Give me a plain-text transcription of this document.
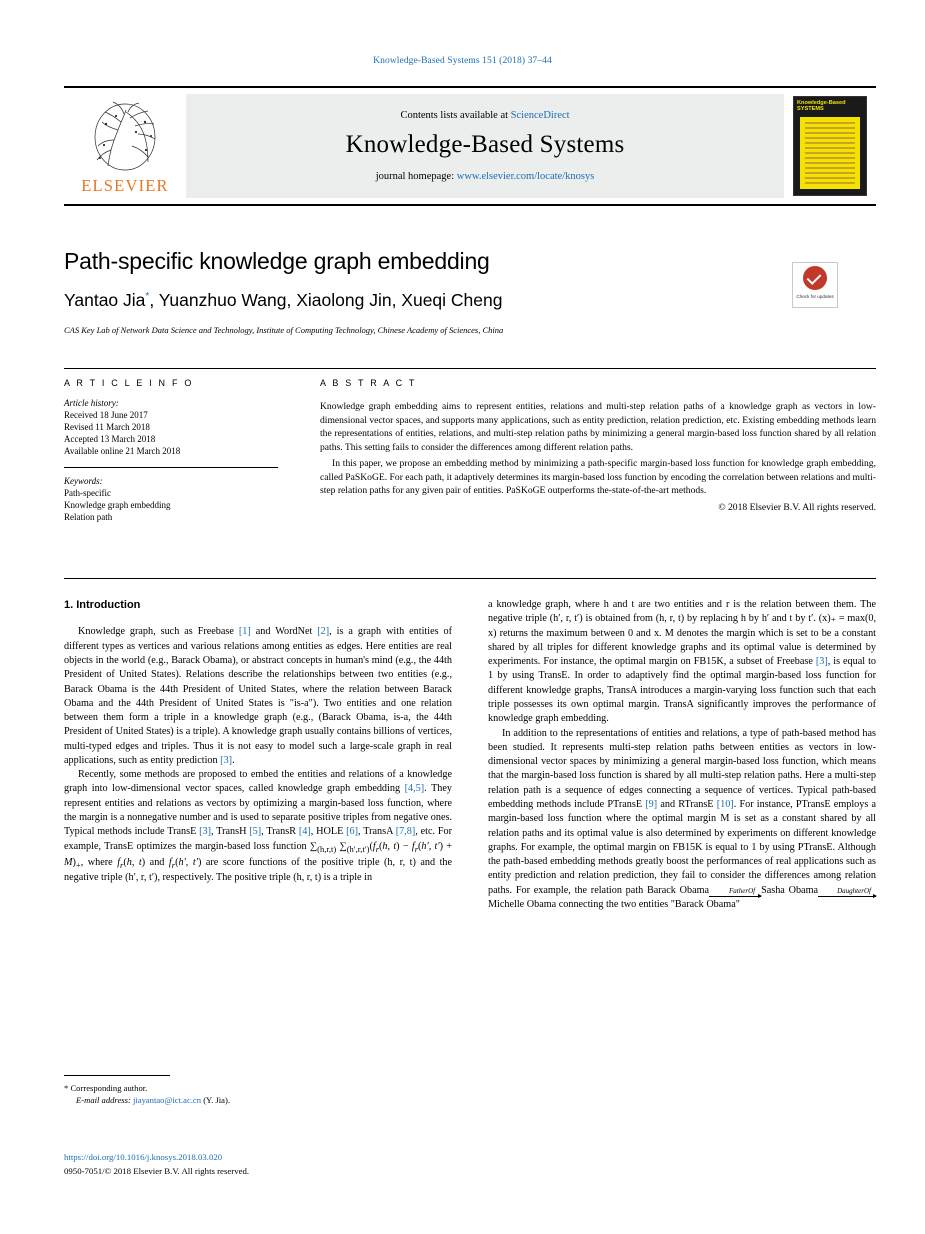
Knowledge-Based Systems 151 (2018) 37–44
ELSEVIER
Contents lists available at ScienceDirect
Knowledge-Based Systems
journal homepage: www.elsevier.com/locate/knosys
Knowledge-Based SYSTEMS
Path-specific knowledge graph embedding
Yantao Jia*, Yuanzhuo Wang, Xiaolong Jin, Xueqi Cheng
CAS Key Lab of Network Data Science and Technology, Institute of Computing Technology, Chinese Academy of Sciences, China
Check for updates
A R T I C L E I N F O
Article history:
Received 18 June 2017
Revised 11 March 2018
Accepted 13 March 2018
Available online 21 March 2018
Keywords:
Path-specific
Knowledge graph embedding
Relation path
A B S T R A C T

Knowledge graph embedding aims to represent entities, relations and multi-step relation paths of a knowledge graph as vectors in low-dimensional vector spaces, and supports many applications, such as entity prediction, relation prediction, etc. Existing embedding methods learn the representations of entities, relations, and multi-step relation paths by minimizing a general margin-based loss function shared by all relation paths. This setting fails to consider the differences among different relation paths.

In this paper, we propose an embedding method by minimizing a path-specific margin-based loss function for knowledge graph embedding, called PaSKoGE. For each path, it adaptively determines its margin-based loss function by encoding the correlation between relations and multi-step relation paths for any given pair of entities. PaSKoGE outperforms the-state-of-the-art methods.

© 2018 Elsevier B.V. All rights reserved.
1. Introduction

Knowledge graph, such as Freebase [1] and WordNet [2], is a graph with entities of different types as vertices and various relations among entities as edges. Here entities are real objects in the world (e.g., Barack Obama), or abstract concepts in human's mind (e.g., the 44th President of United States). Relations describe the relationships between two entities (e.g., Barack Obama is the 44th President of United States, where the relation between Barack Obama and the 44th President of United States is "is-a"). Two entities and one relation between them form a triple in a knowledge graph (e.g., (Barack Obama, is-a, the 44th President of United States) is a triple). A knowledge graph usually contains billions of vertices, multi-typed edges and triples. Thus it is not easy to model such a large-scale graph in real applications, such as entity prediction [3].

Recently, some methods are proposed to embed the entities and relations of a knowledge graph into low-dimensional vector spaces, called knowledge graph embedding [4,5]. They represent entities and relations as vectors by optimizing a margin-based loss function, where the margin is a nonnegative number and is used to separate positive triples from negative ones. Typical methods include TransE [3], TransH [5], TransR [4], HOLE [6], TransA [7,8], etc. For example, TransE optimizes the margin-based loss function $\sum_{(h,r,t)}$ $\sum_{(h',r,t')}(f_r(h$, $t) - f_r(h'$, $t') + M)_+$, where $f_r(h$, t) and $f_r(h'$, t′) are score functions of the positive triple (h, r, t) and the negative triple (h′, r, t′), respectively. The positive triple (h, r, t) is a triple in

a knowledge graph, where h and t are two entities and r is the relation between them. The negative triple (h′, r, t′) is obtained from (h, r, t) by replacing h by h′ and t by t′. (x)₊ = max(0, x) returns the maximum between 0 and x. M denotes the margin which is set to be a constant shared by all triples for different knowledge graphs and its optimal value is determined by experiments. For instance, the optimal margin on FB15K, a subset of Freebase [3], is equal to 1 by using TransE. In order to adaptively find the optimal margin-based loss function for different knowledge graphs, TransA introduces a margin-varying loss function such that each triple possesses its own optimal margin. TransA significantly improves the performance of knowledge graph embedding.

In addition to the representations of entities and relations, a type of path-based method has been studied. It represents multi-step relation paths between entities as vectors in low-dimensional vector spaces by minimizing a general margin-based loss function, which means that the margin-based loss function is shared by all multi-step relation paths. Here a multi-step relation path is a sequence of edges connecting a sequence of vertices. Typical path-based embedding methods include PTransE [9] and RTransE [10]. For instance, PTransE employs a margin-based loss function where the optimal margin M is set as a constant shared by all relation paths and its optimal value is also determined by experiments on different knowledge graphs. For example, the optimal margin on FB15K is equal to 1 by using PTransE. Although the path-based embedding methods greatly boost the performances of real applications such as entity prediction and relation prediction, they fail to consider the differences among relation paths. For example, the relation path Barack Obama	FatherOf Sasha Obama	DaughterOf
Michelle Obama connecting the two entities "Barack Obama"

* Corresponding author.
E-mail address: jiayantao@ict.ac.cn (Y. Jia).
https://doi.org/10.1016/j.knosys.2018.03.020
0950-7051/© 2018 Elsevier B.V. All rights reserved.
